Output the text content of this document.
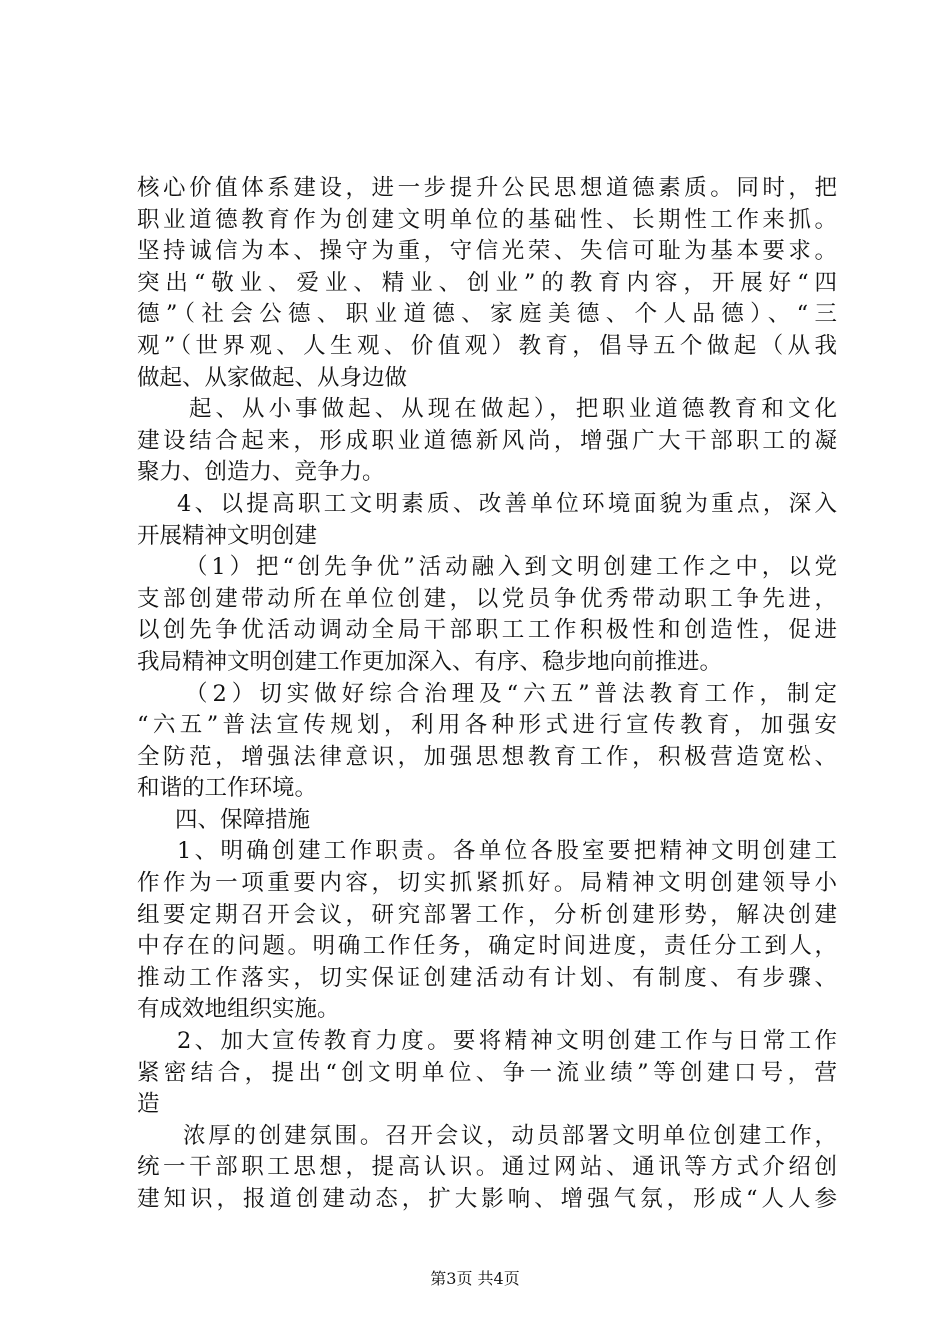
核心价值体系建设，进一步提升公民思想道德素质。同时，把
职业道德教育作为创建文明单位的基础性、长期性工作来抓。
坚持诚信为本、操守为重，守信光荣、失信可耻为基本要求。
突出“敬业、爱业、精业、创业”的教育内容，开展好“四
德”（社会公德、职业道德、家庭美德、个人品德）、“三
观”（世界观、人生观、价值观）教育，倡导五个做起（从我
做起、从家做起、从身边做
起、从小事做起、从现在做起），把职业道德教育和文化
建设结合起来，形成职业道德新风尚，增强广大干部职工的凝
聚力、创造力、竞争力。
4、以提高职工文明素质、改善单位环境面貌为重点，深入
开展精神文明创建
（1）把“创先争优”活动融入到文明创建工作之中，以党
支部创建带动所在单位创建，以党员争优秀带动职工争先进，
以创先争优活动调动全局干部职工工作积极性和创造性，促进
我局精神文明创建工作更加深入、有序、稳步地向前推进。
（2）切实做好综合治理及“六五”普法教育工作，制定
“六五”普法宣传规划，利用各种形式进行宣传教育，加强安
全防范，增强法律意识，加强思想教育工作，积极营造宽松、
和谐的工作环境。
四、保障措施
1、明确创建工作职责。各单位各股室要把精神文明创建工
作作为一项重要内容，切实抓紧抓好。局精神文明创建领导小
组要定期召开会议，研究部署工作，分析创建形势，解决创建
中存在的问题。明确工作任务，确定时间进度，责任分工到人，
推动工作落实，切实保证创建活动有计划、有制度、有步骤、
有成效地组织实施。
2、加大宣传教育力度。要将精神文明创建工作与日常工作
紧密结合，提出“创文明单位、争一流业绩”等创建口号，营
造
浓厚的创建氛围。召开会议，动员部署文明单位创建工作，
统一干部职工思想，提高认识。通过网站、通讯等方式介绍创
建知识，报道创建动态，扩大影响、增强气氛，形成“人人参
第3页 共4页
